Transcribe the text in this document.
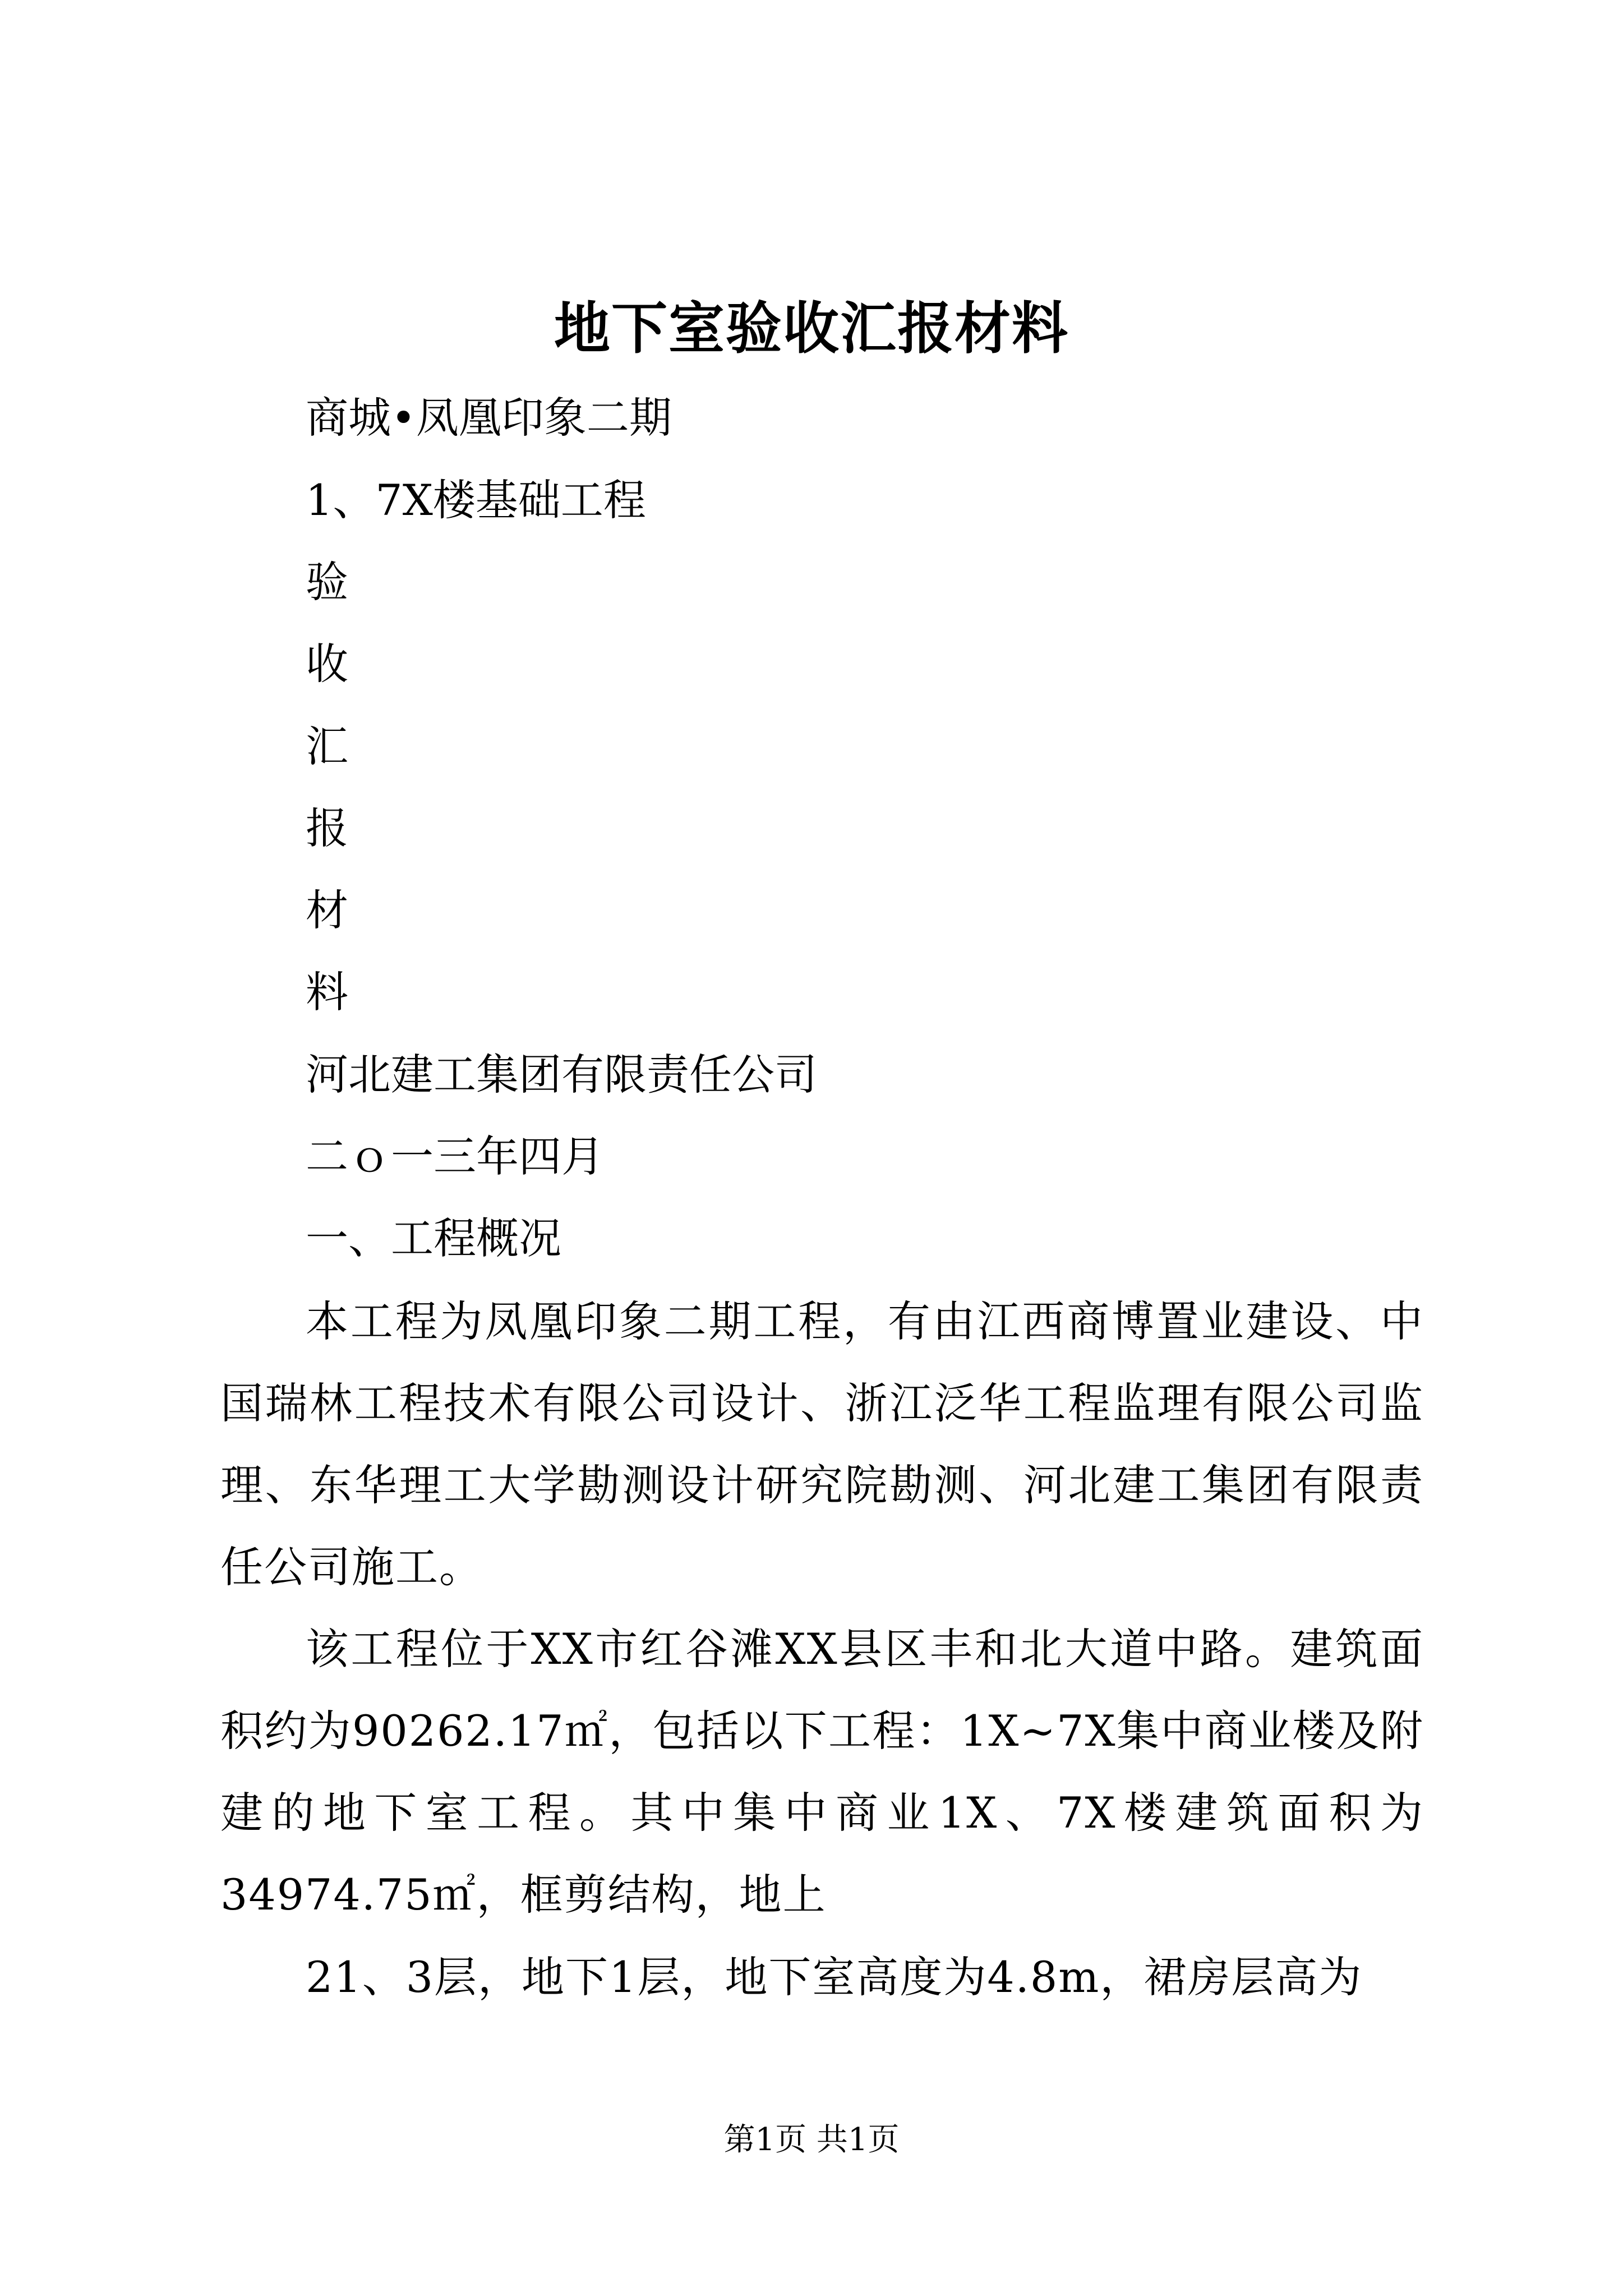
地下室验收汇报材料
商城•凤凰印象二期
1、7X楼基础工程
验
收
汇
报
材
料
河北建工集团有限责任公司
二ｏ一三年四月
一、工程概况
本工程为凤凰印象二期工程，有由江西商博置业建设、中国瑞林工程技术有限公司设计、浙江泛华工程监理有限公司监理、东华理工大学勘测设计研究院勘测、河北建工集团有限责任公司施工。
该工程位于XX市红谷滩XX县区丰和北大道中路。建筑面积约为90262.17㎡，包括以下工程：1X~7X集中商业楼及附建的地下室工程。其中集中商业1X、7X楼建筑面积为34974.75㎡，框剪结构，地上
21、3层，地下1层，地下室高度为4.8m，裙房层高为
第1页 共1页
